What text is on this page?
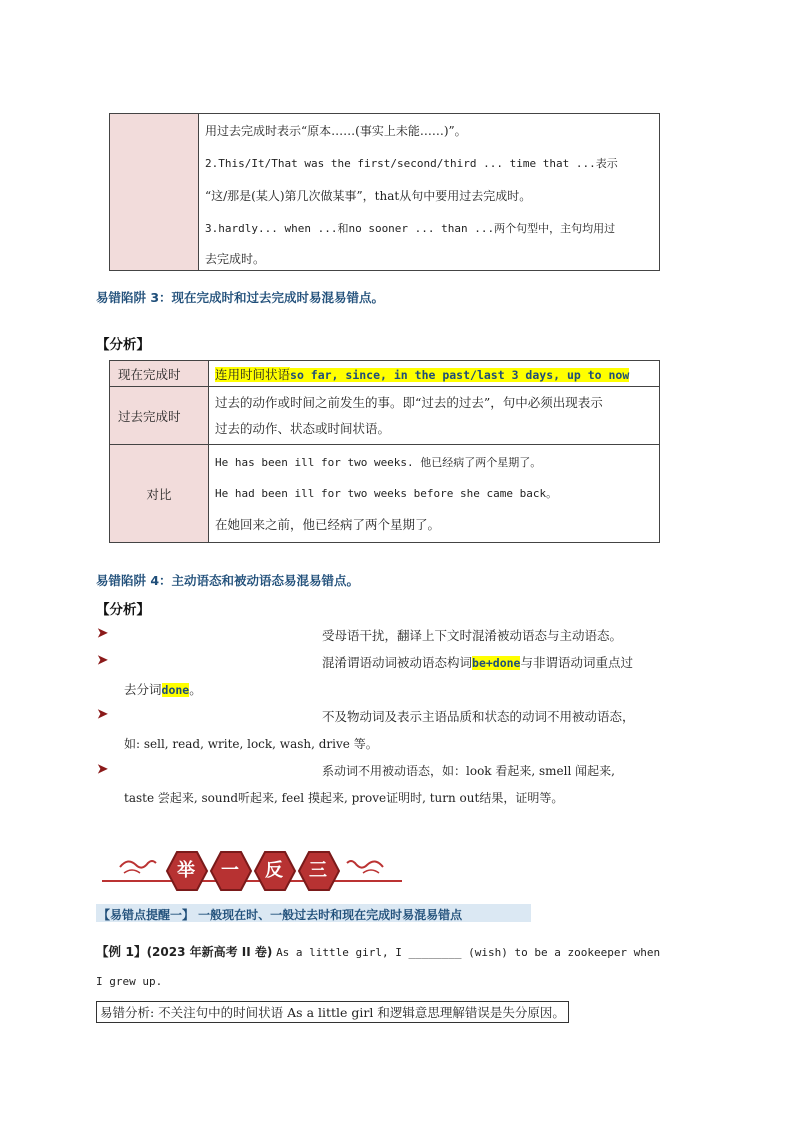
用过去完成时表示“原本……(事实上未能……)”。
2.This/It/That was the first/second/third ... time that ...表示
“这/那是(某人)第几次做某事”，that从句中要用过去完成时。
3.hardly... when ...和no sooner ... than ...两个句型中，主句均用过
去完成时。
易错陷阱 3：现在完成时和过去完成时易混易错点。
【分析】
现在完成时	连用时间状语so far, since, in the past/last 3 days, up to now
过去完成时	过去的动作或时间之前发生的事。即“过去的过去”，句中必须出现表示
过去的动作、状态或时间状语。

对比	He has been ill for two weeks. 他已经病了两个星期了。
He had been ill for two weeks before she came back。
在她回来之前，他已经病了两个星期了。
易错陷阱 4：主动语态和被动语态易混易错点。
【分析】
➤	受母语干扰，翻译上下文时混淆被动语态与主动语态。
➤	混淆谓语动词被动语态构词be+done与非谓语动词重点过
去分词done。
➤	不及物动词及表示主语品质和状态的动词不用被动语态，
如: sell, read, write, lock, wash, drive 等。
➤	系动词不用被动语态，如：look 看起来, smell 闻起来,
taste 尝起来, sound听起来, feel 摸起来, prove证明时, turn out结果，证明等。
举	一	反	三
【易错点提醒一】 一般现在时、一般过去时和现在完成时易混易错点
【例 1】(2023 年新高考 II 卷) As a little girl, I ________ (wish) to be a zookeeper when
I grew up.
易错分析: 不关注句中的时间状语 As a little girl 和逻辑意思理解错误是失分原因。
